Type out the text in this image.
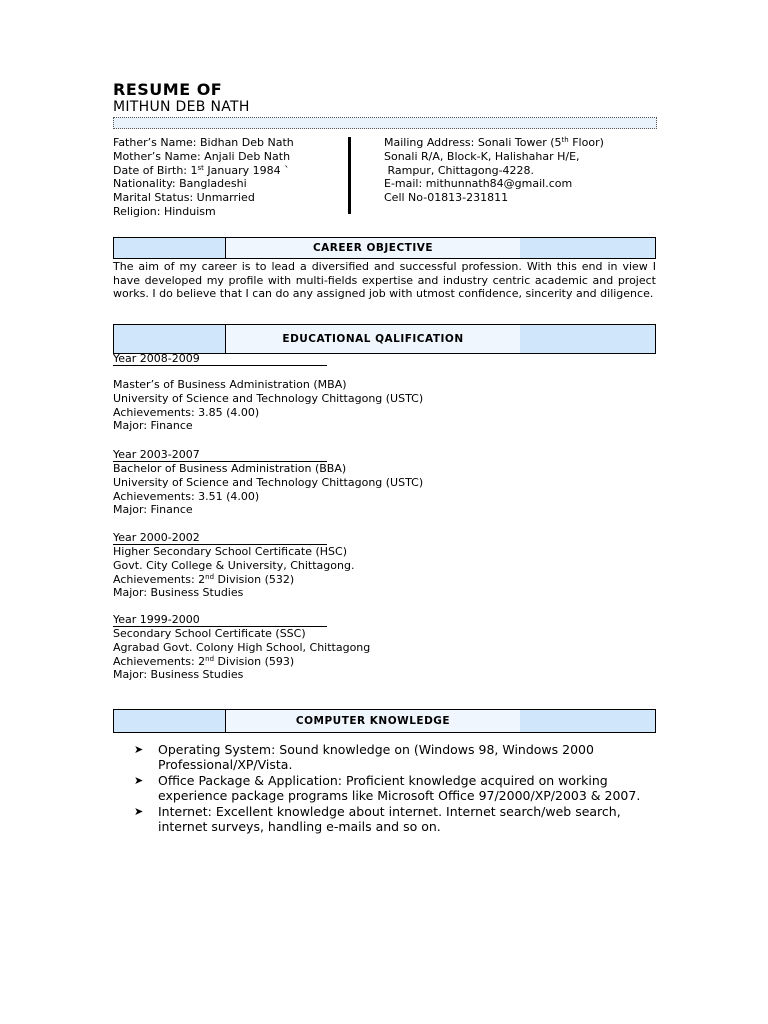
RESUME OF
MITHUN DEB NATH
Father’s Name: Bidhan Deb Nath
Mother’s Name: Anjali Deb Nath
Date of Birth: 1st January 1984 `
Nationality: Bangladeshi
Marital Status: Unmarried
Religion: Hinduism
Mailing Address: Sonali Tower (5th Floor)
Sonali R/A, Block-K, Halishahar H/E,
Rampur, Chittagong-4228.
E-mail: mithunnath84@gmail.com
Cell No-01813-231811
CAREER OBJECTIVE
The aim of my career is to lead a diversified and successful profession. With this end in view I have developed my profile with multi-fields expertise and industry centric academic and project works. I do believe that I can do any assigned job with utmost confidence, sincerity and diligence.
EDUCATIONAL QALIFICATION
Year 2008-2009
Master’s of Business Administration (MBA)
University of Science and Technology Chittagong (USTC)
Achievements: 3.85 (4.00)
Major: Finance
Year 2003-2007
Bachelor of Business Administration (BBA)
University of Science and Technology Chittagong (USTC)
Achievements: 3.51 (4.00)
Major: Finance
Year 2000-2002
Higher Secondary School Certificate (HSC)
Govt. City College & University, Chittagong.
Achievements: 2nd Division (532)
Major: Business Studies
Year 1999-2000
Secondary School Certificate (SSC)
Agrabad Govt. Colony High School, Chittagong
Achievements: 2nd Division (593)
Major: Business Studies
COMPUTER KNOWLEDGE
➤ Operating System: Sound knowledge on (Windows 98, Windows 2000 Professional/XP/Vista.
➤ Office Package & Application: Proficient knowledge acquired on working experience package programs like Microsoft Office 97/2000/XP/2003 & 2007.
➤ Internet: Excellent knowledge about internet. Internet search/web search, internet surveys, handling e-mails and so on.
